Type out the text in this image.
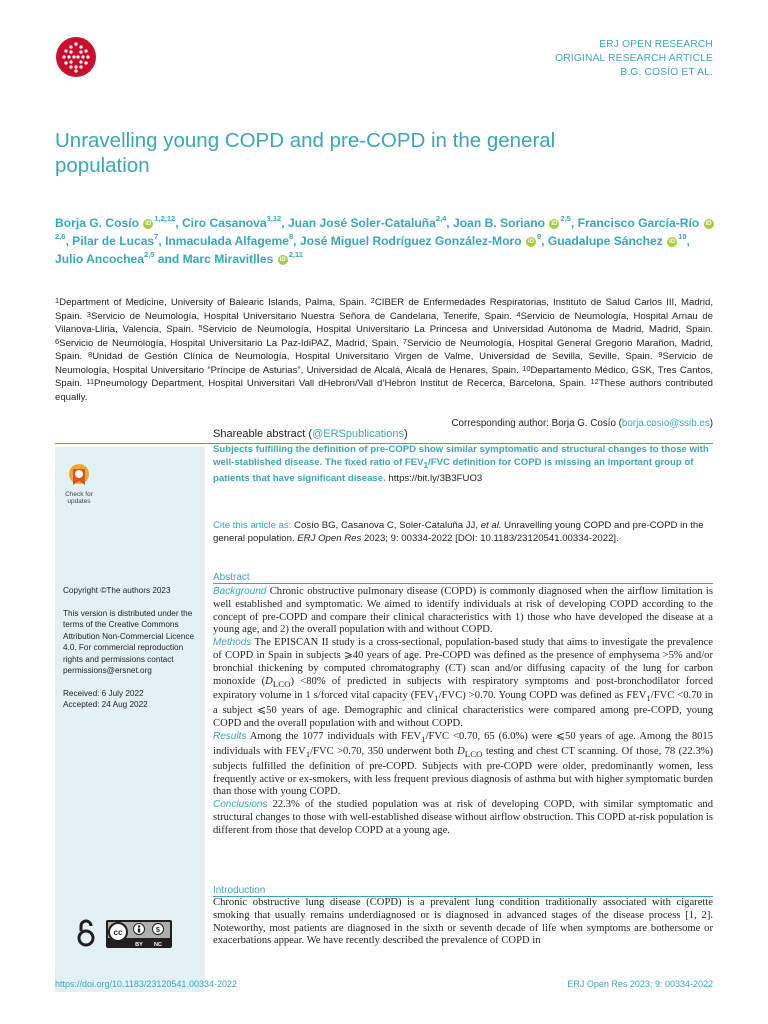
ERJ OPEN RESEARCH
ORIGINAL RESEARCH ARTICLE
B.G. COSÍO ET AL.
Unravelling young COPD and pre-COPD in the general population
Borja G. Cosío iD$^{1,2,12}$, Ciro Casanova$^{3,12}$, Juan José Soler-Cataluña$^{2,4}$, Joan B. Soriano iD$^{2,5}$, Francisco García-Río iD$^{2,6}$, Pilar de Lucas$^7$, Inmaculada Alfageme$^8$, José Miguel Rodríguez González-Moro $iD^9$, Guadalupe Sánchez $iD^{10}$, Julio Ancochea$^{2,5}$ and Marc Miravitlles iD$^{2,11}$
$^1$Department of Medicine, University of Balearic Islands, Palma, Spain. $^2$CIBER de Enfermedades Respiratorias, Instituto de Salud Carlos III, Madrid, Spain. $^3$Servicio de Neumología, Hospital Universitario Nuestra Señora de Candelaria, Tenerife, Spain. $^4$Servicio de Neumología, Hospital Arnau de Vilanova-Lliria, Valencia, Spain. $^5$Servicio de Neumología, Hospital Universitario La Princesa and Universidad Autónoma de Madrid, Madrid, Spain. $^6$Servicio de Neumología, Hospital Universitario La Paz-IdiPAZ, Madrid, Spain. $^7$Servicio de Neumología, Hospital General Gregorio Marañon, Madrid, Spain. $^8$Unidad de Gestión Clínica de Neumología, Hospital Universitario Virgen de Valme, Universidad de Sevilla, Seville, Spain. $^9$Servicio de Neumología, Hospital Universitario “Príncipe de Asturias”, Universidad de Alcalá, Alcalá de Henares, Spain. $^{10}$Departamento Médico, GSK, Tres Cantos, Spain. $^{11}$Pneumology Department, Hospital Universitari Vall dHebron/Vall d’Hebron Institut de Recerca, Barcelona, Spain. $^{12}$These authors contributed equally.
Corresponding author: Borja G. Cosío (borja.cosio@ssib.es)
Check for
updates

Copyright ©The authors 2023

This version is distributed under the terms of the Creative Commons Attribution Non-Commercial Licence 4.0. For commercial reproduction rights and permissions contact permissions@ersnet.org

Received: 6 July 2022
Accepted: 24 Aug 2022

cc	$
BY NC
Shareable abstract (@ERSpublications)
Subjects fulfilling the definition of pre-COPD show similar symptomatic and structural changes to those with well-stablished disease. The fixed ratio of $FEV_1$/FVC definition for COPD is missing an important group of patients that have significant disease. https://bit.ly/3B3FUO3
Cite this article as: Cosío BG, Casanova C, Soler-Cataluña JJ, et al. Unravelling young COPD and pre-COPD in the general population. ERJ Open Res 2023; 9: 00334-2022 [DOI: 10.1183/23120541.00334-2022].
Abstract

Background Chronic obstructive pulmonary disease (COPD) is commonly diagnosed when the airflow limitation is well established and symptomatic. We aimed to identify individuals at risk of developing COPD according to the concept of pre-COPD and compare their clinical characteristics with 1) those who have developed the disease at a young age, and 2) the overall population with and without COPD.

Methods The EPISCAN II study is a cross-sectional, population-based study that aims to investigate the prevalence of COPD in Spain in subjects ⩾40 years of age. Pre-COPD was defined as the presence of emphysema >5% and/or bronchial thickening by computed chromatography (CT) scan and/or diffusing capacity of the lung for carbon monoxide $(D_{LCO}) <80\%$ of predicted in subjects with respiratory symptoms and post-bronchodilator forced expiratory volume in 1 s/forced vital capacity $(FEV_1/FVC) >0.70$. Young COPD was defined as $FEV_1$/FVC <0.70 in a subject ⩽50 years of age. Demographic and clinical characteristics were compared among pre-COPD, young COPD and the overall population with and without COPD.

Results Among the 1077 individuals with $FEV_1$/FVC <0.70, 65 (6.0%) were ⩽50 years of age. Among the 8015 individuals with $FEV_1$/FVC >0.70, 350 underwent both $D_{LCO}$ testing and chest CT scanning. Of those, 78 (22.3%) subjects fulfilled the definition of pre-COPD. Subjects with pre-COPD were older, predominantly women, less frequently active or ex-smokers, with less frequent previous diagnosis of asthma but with higher symptomatic burden than those with young COPD.

Conclusions 22.3% of the studied population was at risk of developing COPD, with similar symptomatic and structural changes to those with well-established disease without airflow obstruction. This COPD at-risk population is different from those that develop COPD at a young age.

Introduction

Chronic obstructive lung disease (COPD) is a prevalent lung condition traditionally associated with cigarette smoking that usually remains underdiagnosed or is diagnosed in advanced stages of the disease process [1, 2]. Noteworthy, most patients are diagnosed in the sixth or seventh decade of life when symptoms are bothersome or exacerbations appear. We have recently described the prevalence of COPD in

https://doi.org/10.1183/23120541.00334-2022	ERJ Open Res 2023; 9: 00334-2022
